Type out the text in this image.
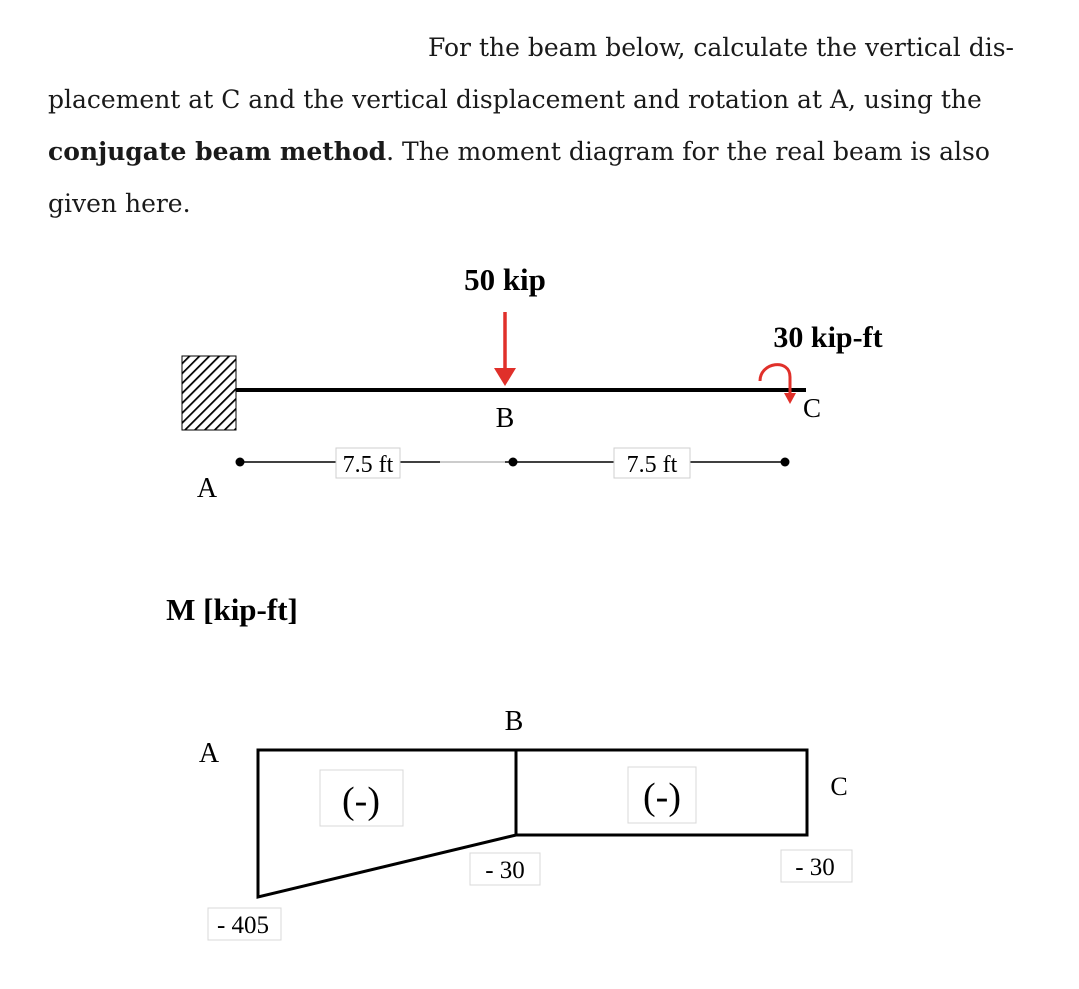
For the beam below, calculate the vertical dis-
placement at C and the vertical displacement and rotation at A, using the
conjugate beam method. The moment diagram for the real beam is also
given here.
50 kip
30 kip-ft
C
B
A
7.5 ft	7.5 ft
M [kip-ft]
A
B
C
(-)	(-)
- 30	- 30
- 405
